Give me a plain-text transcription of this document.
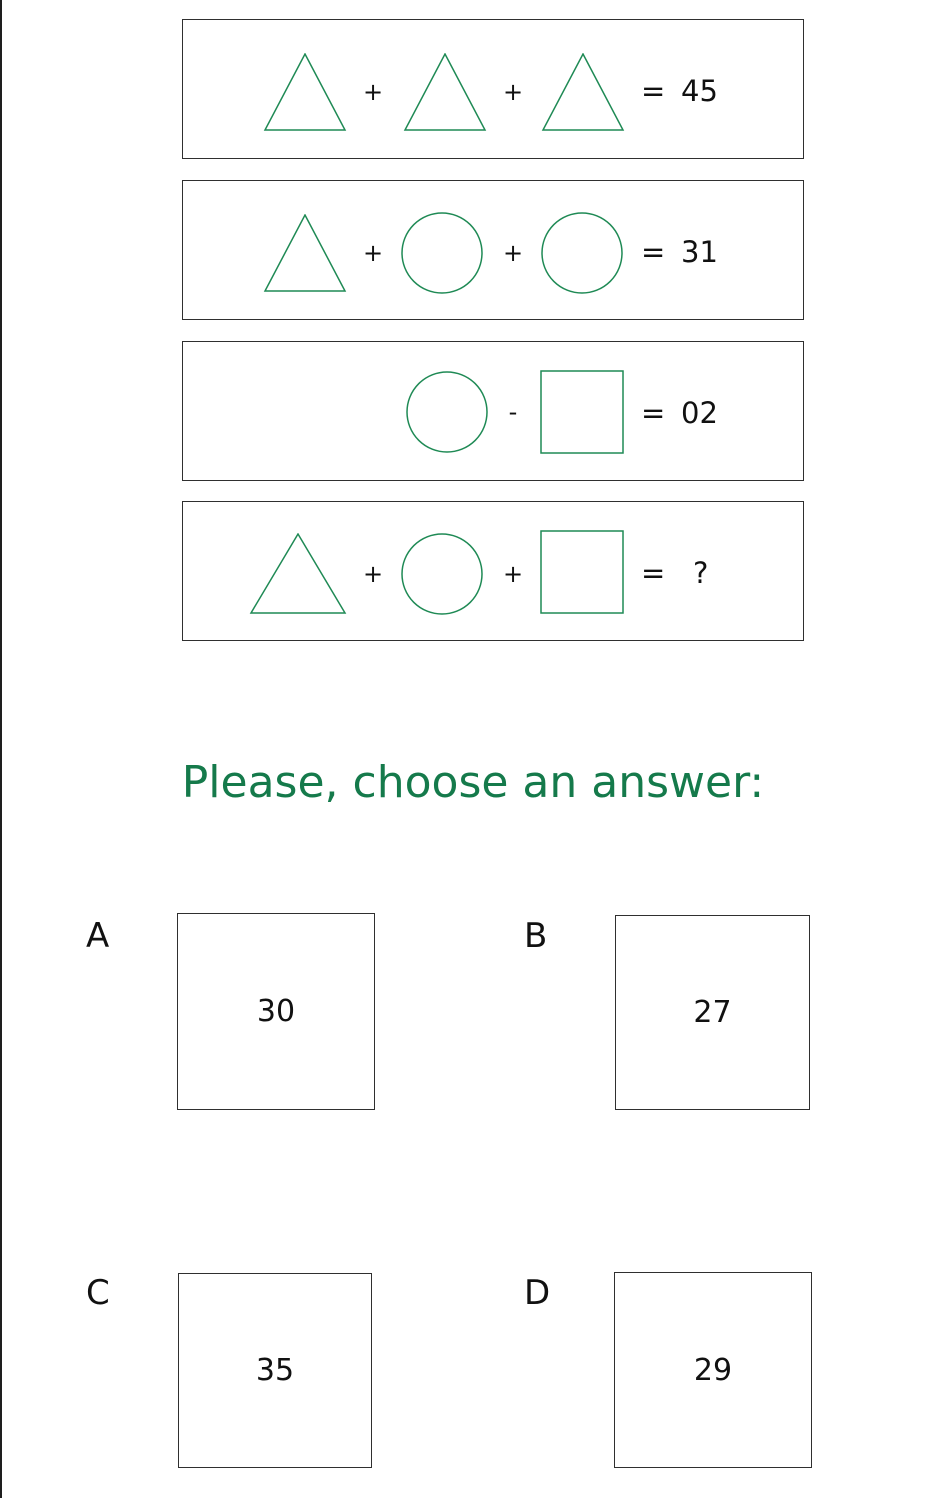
+	+	= 45
+	+	= 31
-	= 02
+	+	= ?
Please, choose an answer:
A
30
B
27
C
35
D
29
